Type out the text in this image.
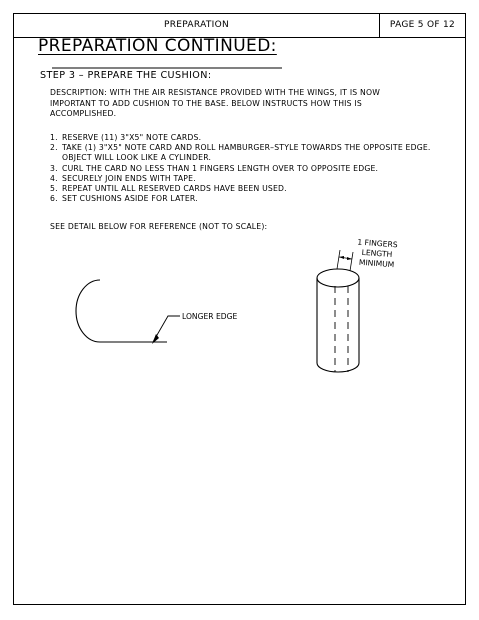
PREPARATION	PAGE 5 OF 12
PREPARATION CONTINUED:
STEP 3 – PREPARE THE CUSHION:
DESCRIPTION: WITH THE AIR RESISTANCE PROVIDED WITH THE WINGS, IT IS NOW IMPORTANT TO ADD CUSHION TO THE BASE. BELOW INSTRUCTS HOW THIS IS ACCOMPLISHED.
1. RESERVE (11) 3"X5" NOTE CARDS.
2. TAKE (1) 3"X5" NOTE CARD AND ROLL HAMBURGER–STYLE TOWARDS THE OPPOSITE EDGE. OBJECT WILL LOOK LIKE A CYLINDER.
3. CURL THE CARD NO LESS THAN 1 FINGERS LENGTH OVER TO OPPOSITE EDGE.
4. SECURELY JOIN ENDS WITH TAPE.
5. REPEAT UNTIL ALL RESERVED CARDS HAVE BEEN USED.
6. SET CUSHIONS ASIDE FOR LATER.
SEE DETAIL BELOW FOR REFERENCE (NOT TO SCALE):
LONGER EDGE
1 FINGERS
LENGTH
MINIMUM
